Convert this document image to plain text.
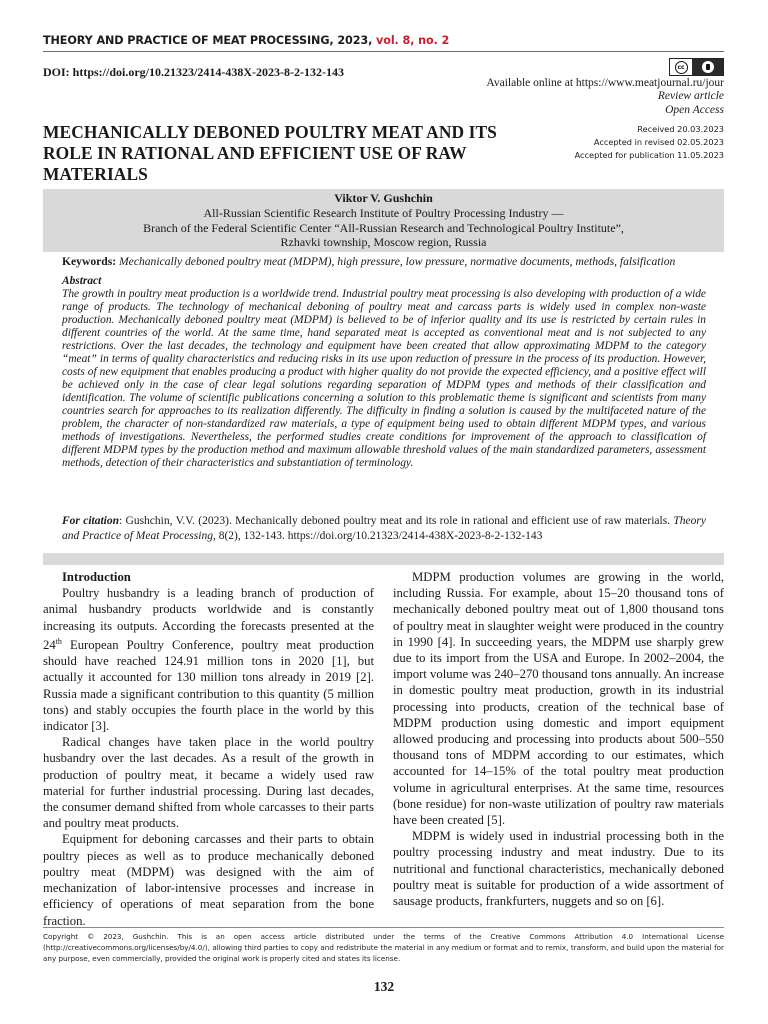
THEORY AND PRACTICE OF MEAT PROCESSING, 2023, vol. 8, no. 2
DOI: https://doi.org/10.21323/2414-438X-2023-8-2-132-143	cc
Available online at https://www.meatjournal.ru/jour
Review article
Open Access
Received 20.03.2023
Accepted in revised 02.05.2023
Accepted for publication 11.05.2023
MECHANICALLY DEBONED POULTRY MEAT AND ITS ROLE IN RATIONAL AND EFFICIENT USE OF RAW MATERIALS
Viktor V. Gushchin
All-Russian Scientific Research Institute of Poultry Processing Industry —
Branch of the Federal Scientific Center “All-Russian Research and Technological Poultry Institute”,
Rzhavki township, Moscow region, Russia
Keywords: Mechanically deboned poultry meat (MDPM), high pressure, low pressure, normative documents, methods, falsification
Abstract
The growth in poultry meat production is a worldwide trend. Industrial poultry meat processing is also developing with production of a wide range of products. The technology of mechanical deboning of poultry meat and carcass parts is widely used in complex non-waste production. Mechanically deboned poultry meat (MDPM) is believed to be of inferior quality and its use is restricted by certain rules in different countries of the world. At the same time, hand separated meat is accepted as conventional meat and is not subjected to any restrictions. Over the last decades, the technology and equipment have been created that allow approximating MDPM to the category “meat” in terms of quality characteristics and reducing risks in its use upon reduction of pressure in the process of its production. However, costs of new equipment that enables producing a product with higher quality do not provide the expected efficiency, and a positive effect will be achieved only in the case of clear legal solutions regarding separation of MDPM types and methods of their classification and identification. The volume of scientific publications concerning a solution to this problematic theme is significant and scientists from many countries search for approaches to its realization differently. The difficulty in finding a solution is caused by the multifaceted nature of the problem, the character of non-standardized raw materials, a type of equipment being used to obtain different MDPM types, and various methods of investigations. Nevertheless, the performed studies create conditions for improvement of the approach to classification of different MDPM types by the production method and maximum allowable threshold values of the main standardized parameters, assessment methods, detection of their characteristics and substantiation of terminology.
For citation: Gushchin, V.V. (2023). Mechanically deboned poultry meat and its role in rational and efficient use of raw materials. Theory and Practice of Meat Processing, 8(2), 132-143. https://doi.org/10.21323/2414-438X-2023-8-2-132-143
Introduction

Poultry husbandry is a leading branch of production of animal husbandry products worldwide and is constantly increasing its outputs. According the forecasts presented at the 24th European Poultry Conference, poultry meat production should have reached 124.91 million tons in 2020 [1], but actually it accounted for 130 million tons already in 2019 [2]. Russia made a significant contribution to this quantity (5 million tons) and stably occupies the fourth place in the world by this indicator [3].

Radical changes have taken place in the world poultry husbandry over the last decades. As a result of the growth in production of poultry meat, it became a widely used raw material for further industrial processing. During last decades, the consumer demand shifted from whole carcasses to their parts and poultry meat products.

Equipment for deboning carcasses and their parts to obtain poultry pieces as well as to produce mechanically deboned poultry meat (MDPM) was designed with the aim of mechanization of labor-intensive processes and increase in efficiency of operations of meat separation from the bone fraction.

MDPM production volumes are growing in the world, including Russia. For example, about 15–20 thousand tons of mechanically deboned poultry meat out of 1,800 thousand tons of poultry meat in slaughter weight were produced in the country in 1990 [4]. In succeeding years, the MDPM use sharply grew due to its import from the USA and Europe. In 2002–2004, the import volume was 240–270 thousand tons annually. An increase in domestic poultry meat production, growth in its industrial processing into products, creation of the technical base of MDPM production using domestic and import equipment allowed producing and processing into products about 500–550 thousand tons of MDPM according to our estimates, which accounted for 14–15% of the total poultry meat production volume in agricultural enterprises. At the same time, resources (bone residue) for non-waste utilization of poultry raw materials have been created [5].

MDPM is widely used in industrial processing both in the poultry processing industry and meat industry. Due to its nutritional and functional characteristics, mechanically deboned poultry meat is suitable for production of a wide assortment of sausage products, frankfurters, nuggets and so on [6].

Copyright © 2023, Gushchin. This is an open access article distributed under the terms of the Creative Commons Attribution 4.0 International License (http://creativecommons.org/licenses/by/4.0/), allowing third parties to copy and redistribute the material in any medium or format and to remix, transform, and build upon the material for any purpose, even commercially, provided the original work is properly cited and states its license.
132
